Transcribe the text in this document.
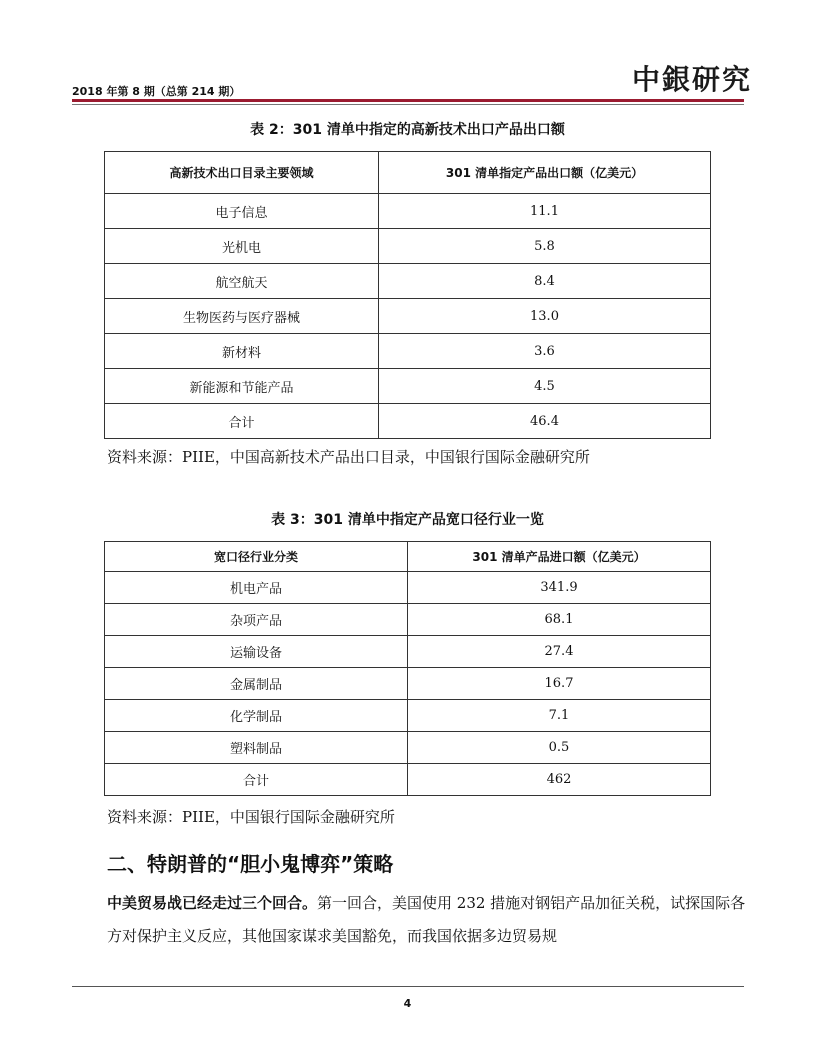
2018 年第 8 期（总第 214 期）	中銀研究
表 2：301 清单中指定的高新技术出口产品出口额
高新技术出口目录主要领域	301 清单指定产品出口额（亿美元）
电子信息	11.1
光机电	5.8
航空航天	8.4
生物医药与医疗器械	13.0
新材料	3.6
新能源和节能产品	4.5
合计	46.4
资料来源：PIIE，中国高新技术产品出口目录，中国银行国际金融研究所
表 3：301 清单中指定产品宽口径行业一览
宽口径行业分类	301 清单产品进口额（亿美元）
机电产品	341.9
杂项产品	68.1
运输设备	27.4
金属制品	16.7
化学制品	7.1
塑料制品	0.5
合计	462
资料来源：PIIE，中国银行国际金融研究所
二、特朗普的“胆小鬼博弈”策略
中美贸易战已经走过三个回合。第一回合，美国使用 232 措施对钢铝产品加征关税，试探国际各方对保护主义反应，其他国家谋求美国豁免，而我国依据多边贸易规
4
